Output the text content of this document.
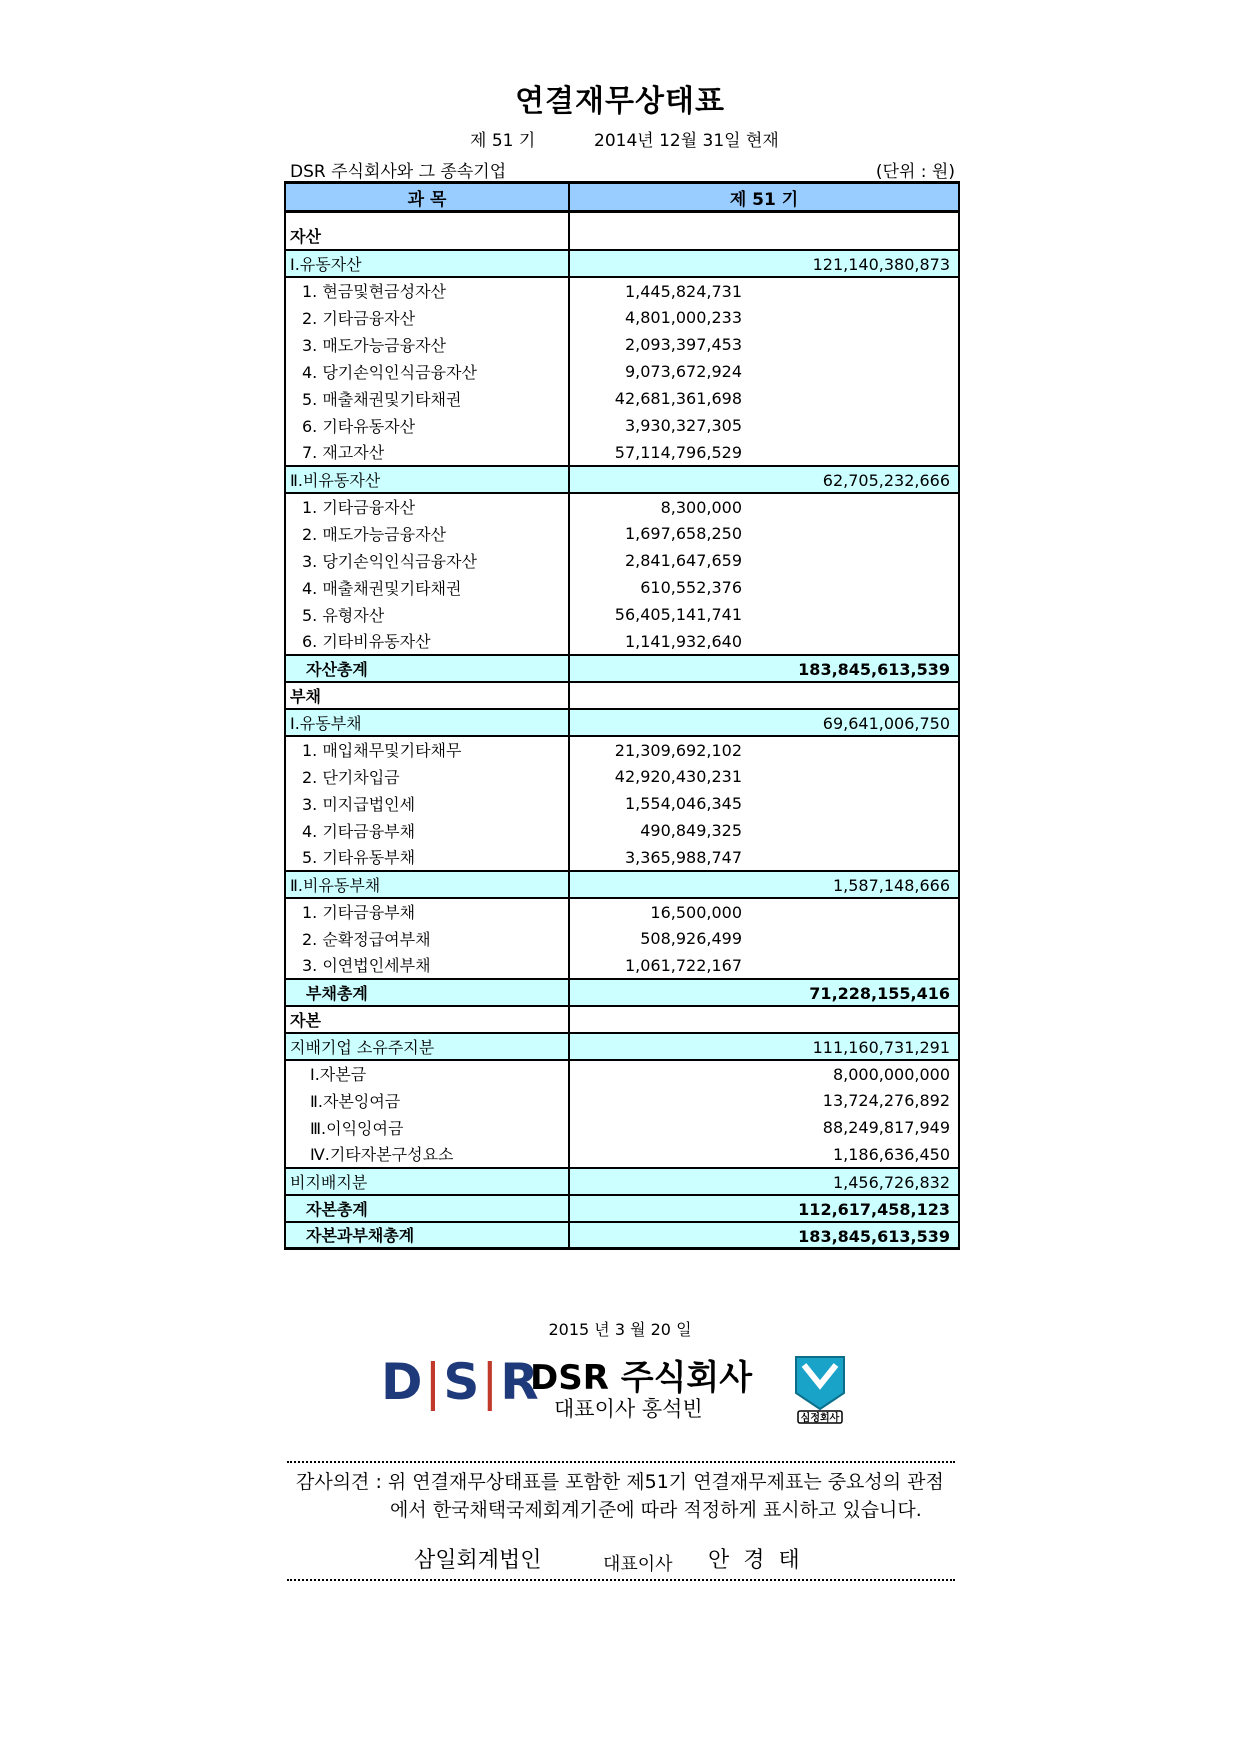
연결재무상태표
제 51 기	2014년 12월 31일 현재
DSR 주식회사와 그 종속기업	(단위 : 원)
과 목	제 51 기

자산	
Ⅰ.유동자산	121,140,380,873

1. 현금및현금성자산	1,445,824,731

2. 기타금융자산	4,801,000,233

3. 매도가능금융자산	2,093,397,453

4. 당기손익인식금융자산	9,073,672,924

5. 매출채권및기타채권	42,681,361,698

6. 기타유동자산	3,930,327,305

7. 재고자산	57,114,796,529

Ⅱ.비유동자산	62,705,232,666

1. 기타금융자산	8,300,000

2. 매도가능금융자산	1,697,658,250

3. 당기손익인식금융자산	2,841,647,659

4. 매출채권및기타채권	610,552,376

5. 유형자산	56,405,141,741

6. 기타비유동자산	1,141,932,640

자산총계	183,845,613,539

부채	
Ⅰ.유동부채	69,641,006,750

1. 매입채무및기타채무	21,309,692,102

2. 단기차입금	42,920,430,231

3. 미지급법인세	1,554,046,345

4. 기타금융부채	490,849,325

5. 기타유동부채	3,365,988,747

Ⅱ.비유동부채	1,587,148,666

1. 기타금융부채	16,500,000

2. 순확정급여부채	508,926,499

3. 이연법인세부채	1,061,722,167

부채총계	71,228,155,416

자본	
지배기업 소유주지분	111,160,731,291

Ⅰ.자본금	8,000,000,000

Ⅱ.자본잉여금	13,724,276,892

Ⅲ.이익잉여금	88,249,817,949

Ⅳ.기타자본구성요소	1,186,636,450

비지배지분	1,456,726,832

자본총계	112,617,458,123

자본과부채총계	183,845,613,539
2015 년 3 월 20 일
D|S|R
DSR 주식회사
대표이사 홍석빈	심정회사
감사의견 : 위 연결재무상태표를 포함한 제51기 연결재무제표는 중요성의 관점
에서 한국채택국제회계기준에 따라 적정하게 표시하고 있습니다.
삼일회계법인	대표이사 안경태
